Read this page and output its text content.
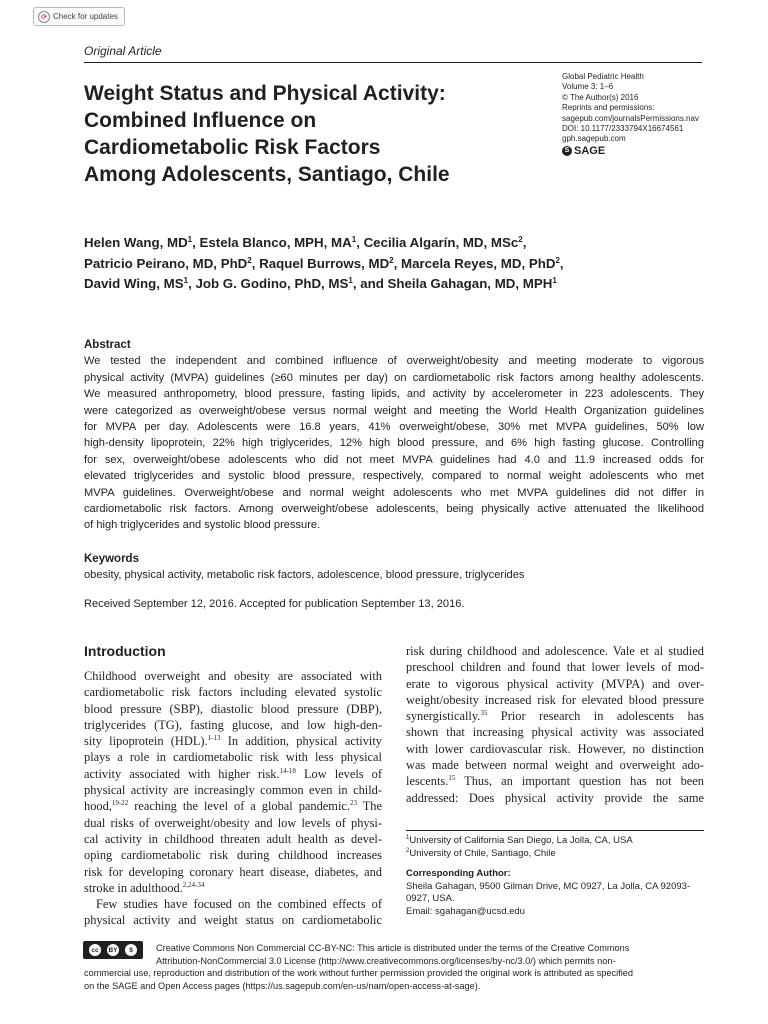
⟳ Check for updates
Original Article
Weight Status and Physical Activity:
Combined Influence on
Cardiometabolic Risk Factors
Among Adolescents, Santiago, Chile
Global Pediatric Health
Volume 3: 1–6
© The Author(s) 2016
Reprints and permissions:
sagepub.com/journalsPermissions.nav
DOI: 10.1177/2333794X16674561
gph.sagepub.com
S SAGE
Helen Wang, $MD^1$, Estela Blanco, MPH, $MA^1$, Cecilia Algarín, MD, MSc$^2$,
Patricio Peirano, MD, PhD$^2$, Raquel Burrows, $MD^2$, Marcela Reyes, MD, PhD$^2$,
David Wing, $MS^1$, Job G. Godino, PhD, $MS^1$, and Sheila Gahagan, MD, MPH$^1$
Abstract
We tested the independent and combined influence of overweight/obesity and meeting moderate to vigorous
physical activity (MVPA) guidelines (≥60 minutes per day) on cardiometabolic risk factors among healthy adolescents.
We measured anthropometry, blood pressure, fasting lipids, and activity by accelerometer in 223 adolescents. They
were categorized as overweight/obese versus normal weight and meeting the World Health Organization guidelines
for MVPA per day. Adolescents were 16.8 years, 41% overweight/obese, 30% met MVPA guidelines, 50% low
high-density lipoprotein, 22% high triglycerides, 12% high blood pressure, and 6% high fasting glucose. Controlling
for sex, overweight/obese adolescents who did not meet MVPA guidelines had 4.0 and 11.9 increased odds for
elevated triglycerides and systolic blood pressure, respectively, compared to normal weight adolescents who met
MVPA guidelines. Overweight/obese and normal weight adolescents who met MVPA guidelines did not differ in
cardiometabolic risk factors. Among overweight/obese adolescents, being physically active attenuated the likelihood
of high triglycerides and systolic blood pressure.
Keywords
obesity, physical activity, metabolic risk factors, adolescence, blood pressure, triglycerides
Received September 12, 2016. Accepted for publication September 13, 2016.
Introduction
Childhood overweight and obesity are associated with
cardiometabolic risk factors including elevated systolic
blood pressure (SBP), diastolic blood pressure (DBP),
triglycerides (TG), fasting glucose, and low high-den-
sity lipoprotein (HDL).$^{1-13}$ In addition, physical activity
plays a role in cardiometabolic risk with less physical
activity associated with higher risk.$^{14-18}$ Low levels of
physical activity are increasingly common even in child-
hood,$^{19-22}$ reaching the level of a global pandemic.$^{23}$ The
dual risks of overweight/obesity and low levels of physi-
cal activity in childhood threaten adult health as devel-
oping cardiometabolic risk during childhood increases
risk for developing coronary heart disease, diabetes, and
stroke in adulthood.$^{2,24-34}$
Few studies have focused on the combined effects of
physical activity and weight status on cardiometabolic
risk during childhood and adolescence. Vale et al studied
preschool children and found that lower levels of mod-
erate to vigorous physical activity (MVPA) and over-
weight/obesity increased risk for elevated blood pressure
synergistically.$^{35}$ Prior research in adolescents has
shown that increasing physical activity was associated
with lower cardiovascular risk. However, no distinction
was made between normal weight and overweight ado-
lescents.$^{15}$ Thus, an important question has not been
addressed: Does physical activity provide the same
$^1$University of California San Diego, La Jolla, CA, USA
$^2$University of Chile, Santiago, Chile
Corresponding Author:
Sheila Gahagan, 9500 Gilman Drive, MC 0927, La Jolla, CA 92093-
0927, USA.
Email: sgahagan@ucsd.edu
cc	BY	$	Creative Commons Non Commercial CC-BY-NC: This article is distributed under the terms of the Creative Commons
Attribution-NonCommercial 3.0 License (http://www.creativecommons.org/licenses/by-nc/3.0/) which permits non-
commercial use, reproduction and distribution of the work without further permission provided the original work is attributed as specified
on the SAGE and Open Access pages (https://us.sagepub.com/en-us/nam/open-access-at-sage).
